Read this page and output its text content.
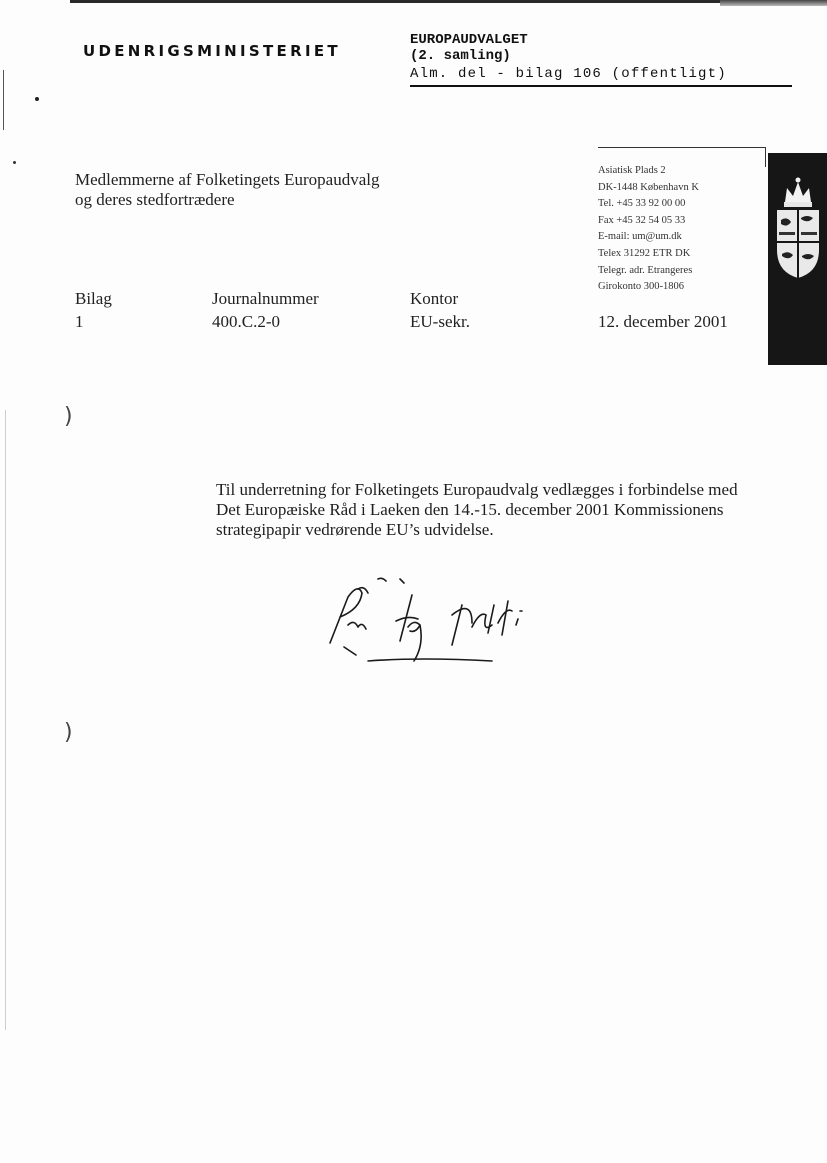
)
)
UDENRIGSMINISTERIET
EUROPAUDVALGET
(2. samling)
Alm. del - bilag 106 (offentligt)
Medlemmerne af Folketingets Europaudvalg
og deres stedfortrædere
Asiatisk Plads 2
DK-1448 København K
Tel. +45 33 92 00 00
Fax +45 32 54 05 33
E-mail: um@um.dk
Telex 31292 ETR DK
Telegr. adr. Etrangeres
Girokonto 300-1806
Bilag
1
Journalnummer
400.C.2-0
Kontor
EU-sekr.	12. december 2001
Til underretning for Folketingets Europaudvalg vedlægges i forbindelse med
Det Europæiske Råd i Laeken den 14.-15. december 2001 Kommissionens
strategipapir vedrørende EU’s udvidelse.
